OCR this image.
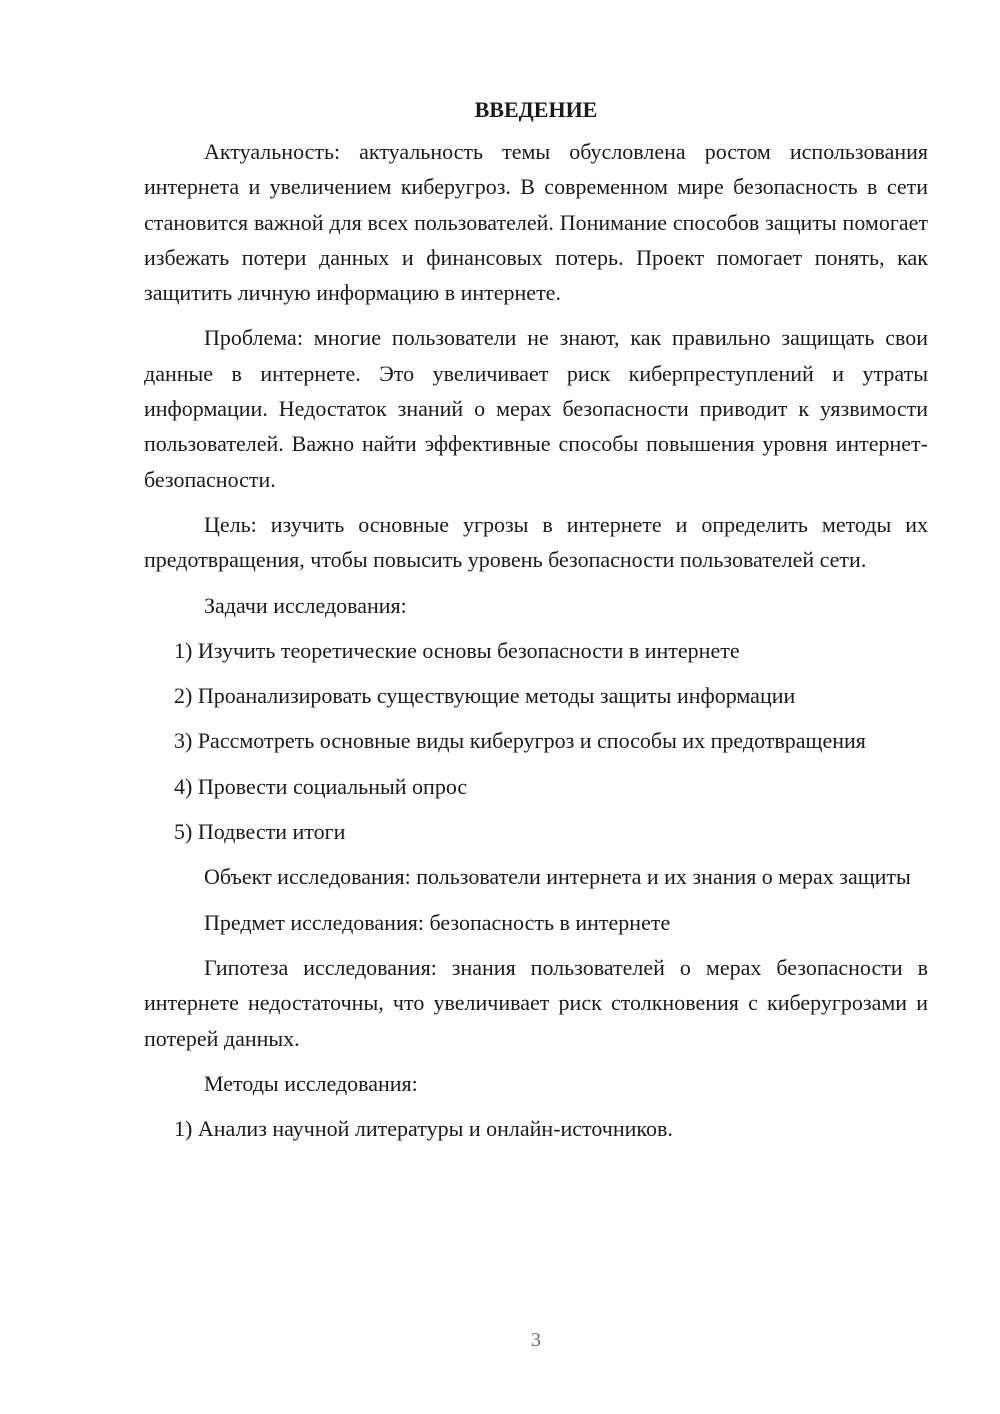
ВВЕДЕНИЕ

Актуальность: актуальность темы обусловлена ростом использования интернета и увеличением киберугроз. В современном мире безопасность в сети становится важной для всех пользователей. Понимание способов защиты помогает избежать потери данных и финансовых потерь. Проект помогает понять, как защитить личную информацию в интернете.

Проблема: многие пользователи не знают, как правильно защищать свои данные в интернете. Это увеличивает риск киберпреступлений и утраты информации. Недостаток знаний о мерах безопасности приводит к уязвимости пользователей. Важно найти эффективные способы повышения уровня интернет-безопасности.

Цель: изучить основные угрозы в интернете и определить методы их предотвращения, чтобы повысить уровень безопасности пользователей сети.

Задачи исследования:

1) Изучить теоретические основы безопасности в интернете

2) Проанализировать существующие методы защиты информации

3) Рассмотреть основные виды киберугроз и способы их предотвращения

4) Провести социальный опрос

5) Подвести итоги

Объект исследования: пользователи интернета и их знания о мерах защиты

Предмет исследования: безопасность в интернете

Гипотеза исследования: знания пользователей о мерах безопасности в интернете недостаточны, что увеличивает риск столкновения с киберугрозами и потерей данных.

Методы исследования:

1) Анализ научной литературы и онлайн-источников.

3
